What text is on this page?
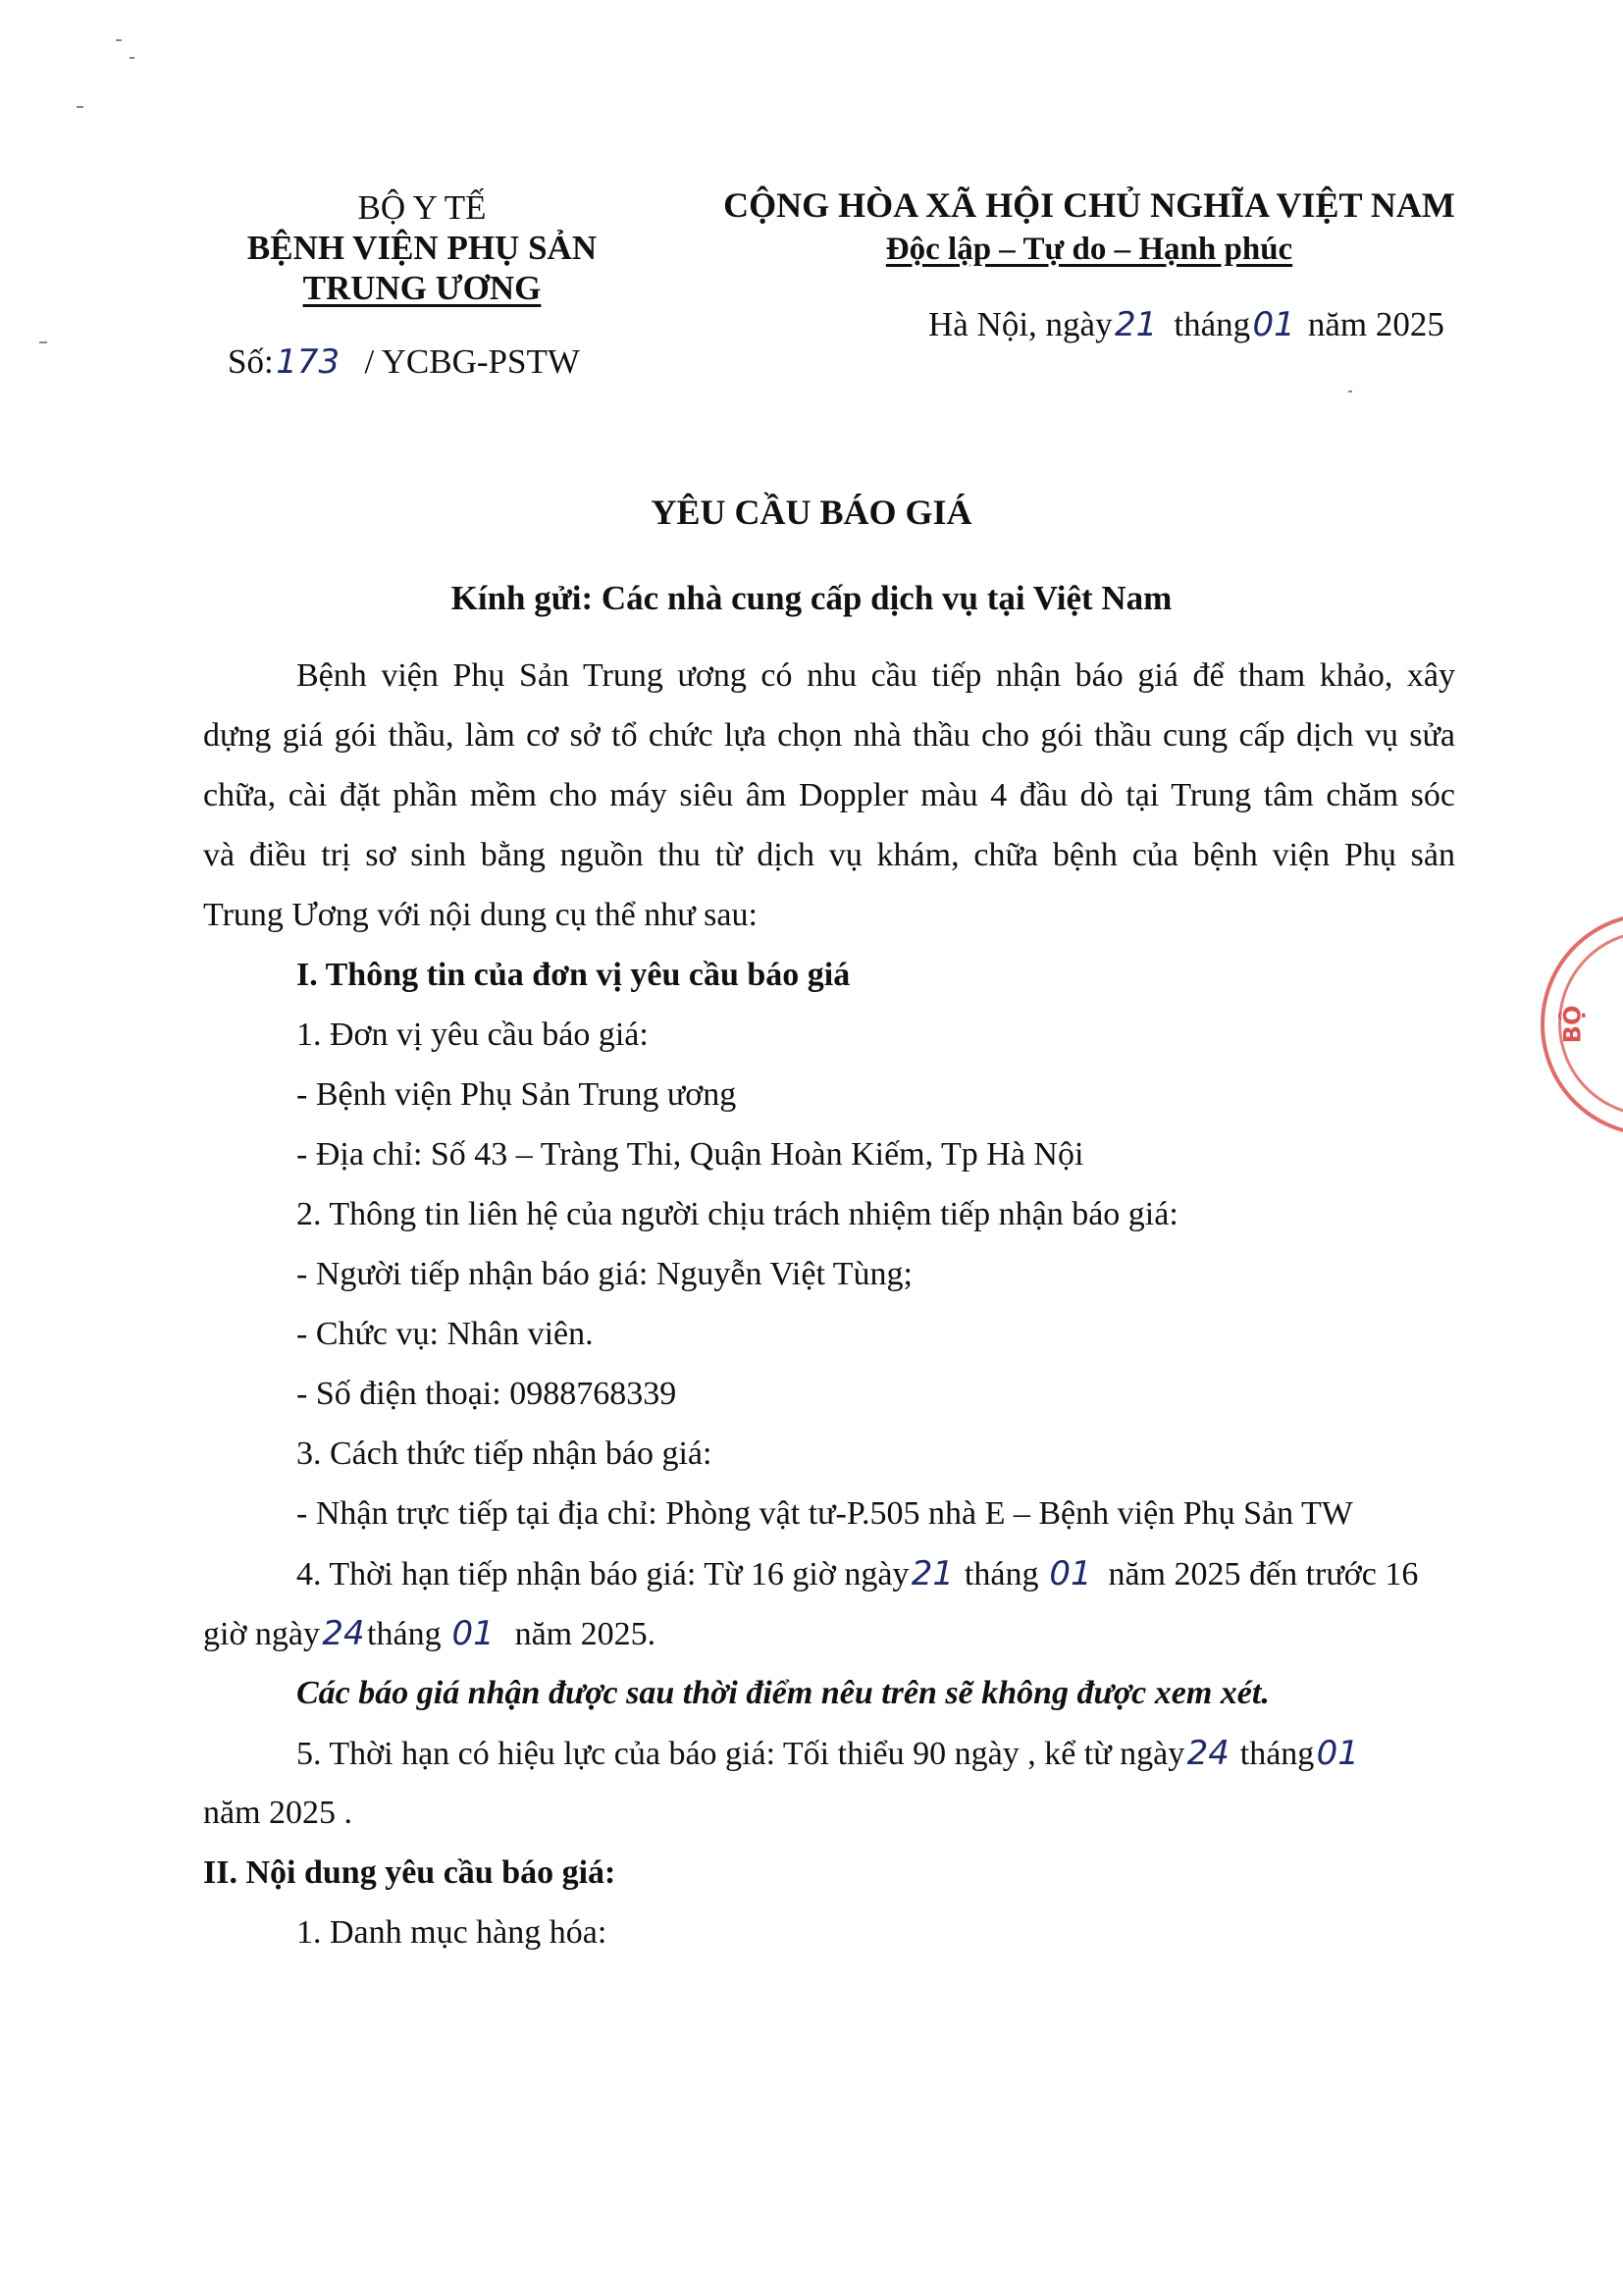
BỘ Y TẾ
BỆNH VIỆN PHỤ SẢN
TRUNG ƯƠNG
Số:173 / YCBG-PSTW
CỘNG HÒA XÃ HỘI CHỦ NGHĨA VIỆT NAM
Độc lập – Tự do – Hạnh phúc
Hà Nội, ngày21 tháng01 năm 2025
YÊU CẦU BÁO GIÁ
Kính gửi: Các nhà cung cấp dịch vụ tại Việt Nam
Bệnh viện Phụ Sản Trung ương có nhu cầu tiếp nhận báo giá để tham khảo, xây
dựng giá gói thầu, làm cơ sở tổ chức lựa chọn nhà thầu cho gói thầu cung cấp dịch vụ sửa
chữa, cài đặt phần mềm cho máy siêu âm Doppler màu 4 đầu dò tại Trung tâm chăm sóc
và điều trị sơ sinh bằng nguồn thu từ dịch vụ khám, chữa bệnh của bệnh viện Phụ sản
Trung Ương với nội dung cụ thể như sau:
I. Thông tin của đơn vị yêu cầu báo giá
1. Đơn vị yêu cầu báo giá:
- Bệnh viện Phụ Sản Trung ương
- Địa chỉ: Số 43 – Tràng Thi, Quận Hoàn Kiếm, Tp Hà Nội
2. Thông tin liên hệ của người chịu trách nhiệm tiếp nhận báo giá:
- Người tiếp nhận báo giá: Nguyễn Việt Tùng;
- Chức vụ: Nhân viên.
- Số điện thoại: 0988768339
3. Cách thức tiếp nhận báo giá:
- Nhận trực tiếp tại địa chỉ: Phòng vật tư-P.505 nhà E – Bệnh viện Phụ Sản TW
4. Thời hạn tiếp nhận báo giá: Từ 16 giờ ngày21 tháng 01 năm 2025 đến trước 16
giờ ngày24tháng 01 năm 2025.
Các báo giá nhận được sau thời điểm nêu trên sẽ không được xem xét.
5. Thời hạn có hiệu lực của báo giá: Tối thiểu 90 ngày , kể từ ngày24 tháng01
năm 2025 .
II. Nội dung yêu cầu báo giá:
1. Danh mục hàng hóa:
BỘ
